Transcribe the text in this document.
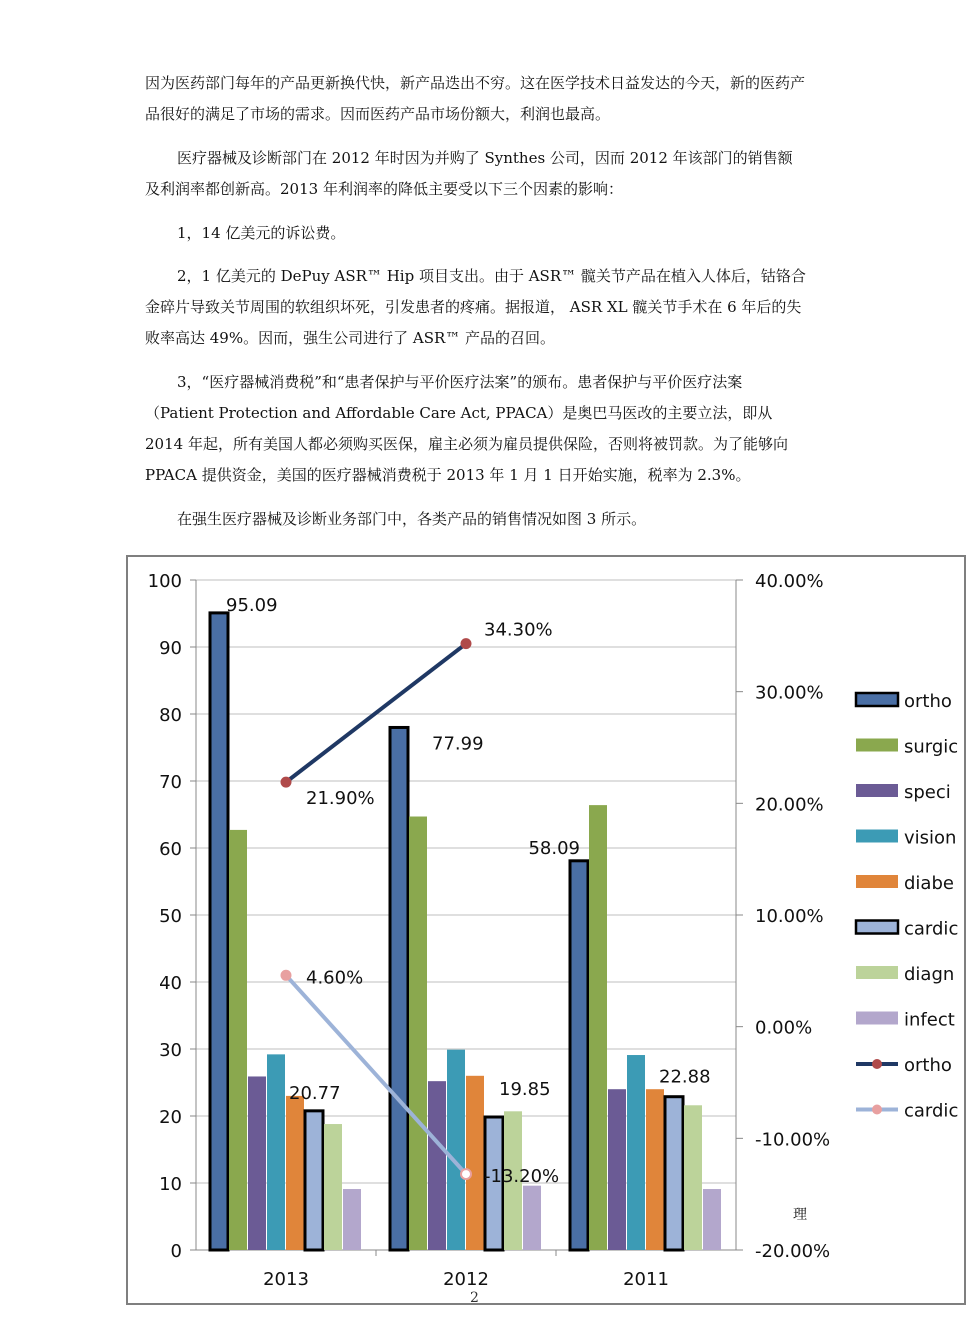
因为医药部门每年的产品更新换代快，新产品迭出不穷。这在医学技术日益发达的今天，新的医药产品很好的满足了市场的需求。因而医药产品市场份额大，利润也最高。

医疗器械及诊断部门在 2012 年时因为并购了 Synthes 公司，因而 2012 年该部门的销售额及利润率都创新高。2013 年利润率的降低主要受以下三个因素的影响：

1，14 亿美元的诉讼费。

2，1 亿美元的 DePuy ASR™ Hip 项目支出。由于 ASR™ 髋关节产品在植入人体后，钴铬合金碎片导致关节周围的软组织坏死，引发患者的疼痛。据报道， ASR XL 髋关节手术在 6 年后的失败率高达 49%。因而，强生公司进行了 ASR™ 产品的召回。

3，“医疗器械消费税”和“患者保护与平价医疗法案”的颁布。患者保护与平价医疗法案（Patient Protection and Affordable Care Act, PPACA）是奥巴马医改的主要立法，即从 2014 年起，所有美国人都必须购买医保，雇主必须为雇员提供保险，否则将被罚款。为了能够向 PPACA 提供资金，美国的医疗器械消费税于 2013 年 1 月 1 日开始实施，税率为 2.3%。

在强生医疗器械及诊断业务部门中，各类产品的销售情况如图 3 所示。

0
10
20
30
40
50
60
70
80
90
100
-20.00%
-10.00%
0.00%
10.00%
20.00%
30.00%
40.00%
2013
95.09
20.77
2012
77.99
19.85
2011
58.09
22.88
21.90%
34.30%
4.60%
-13.20%
理
ortho
surgic
speci
vision
diabe
cardic
diagn
infect
ortho
cardic
2
